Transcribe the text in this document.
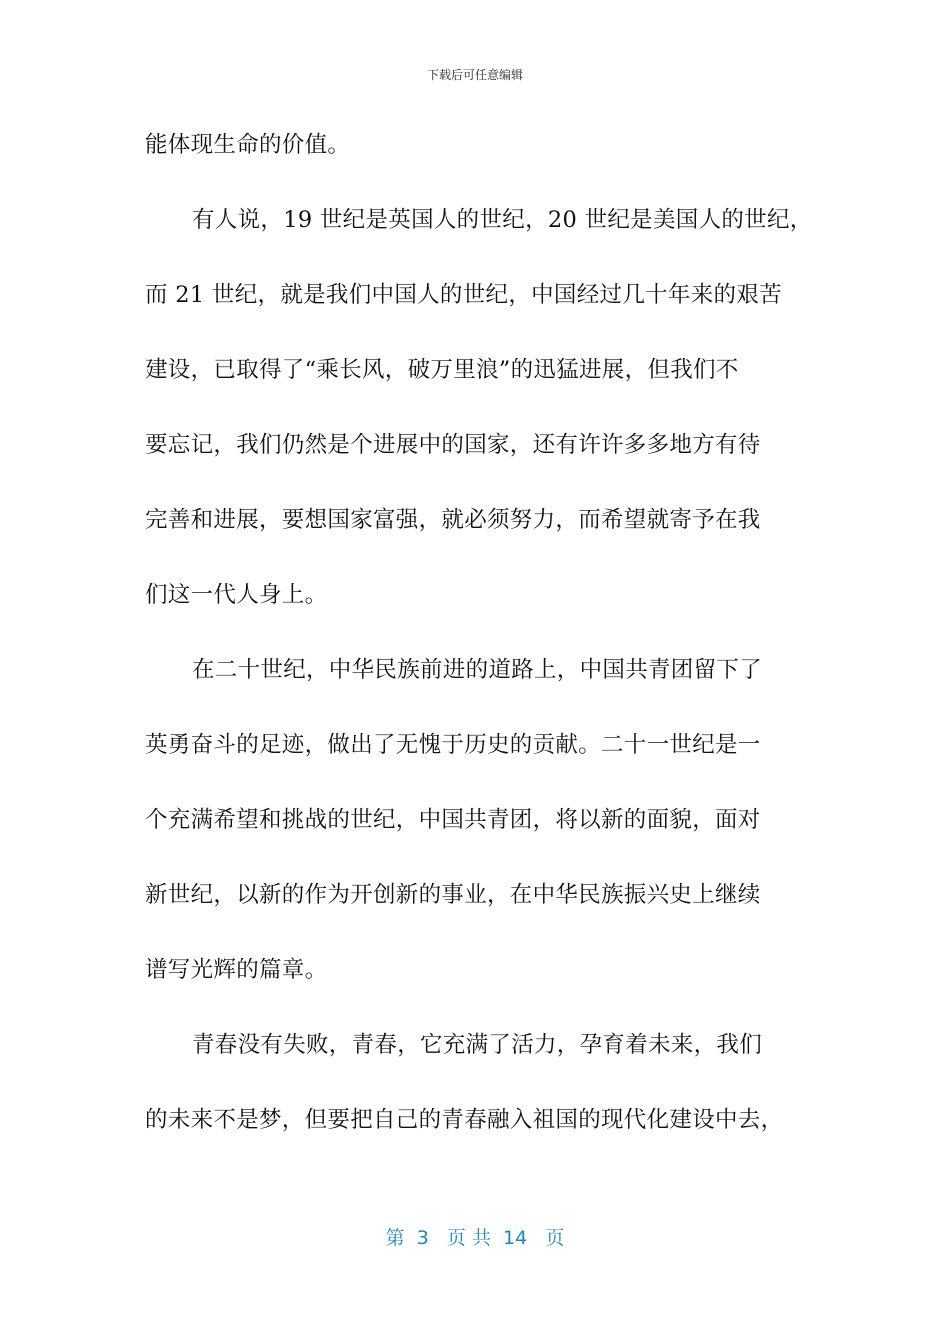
下载后可任意编辑
能体现生命的价值。
有人说，19 世纪是英国人的世纪，20 世纪是美国人的世纪，
而 21 世纪，就是我们中国人的世纪，中国经过几十年来的艰苦
建设，已取得了“乘长风，破万里浪”的迅猛进展，但我们不
要忘记，我们仍然是个进展中的国家，还有许许多多地方有待
完善和进展，要想国家富强，就必须努力，而希望就寄予在我
们这一代人身上。
在二十世纪，中华民族前进的道路上，中国共青团留下了
英勇奋斗的足迹，做出了无愧于历史的贡献。二十一世纪是一
个充满希望和挑战的世纪，中国共青团，将以新的面貌，面对
新世纪，以新的作为开创新的事业，在中华民族振兴史上继续
谱写光辉的篇章。
青春没有失败，青春，它充满了活力，孕育着未来，我们
的未来不是梦，但要把自己的青春融入祖国的现代化建设中去，
第  3   页 共  14   页
